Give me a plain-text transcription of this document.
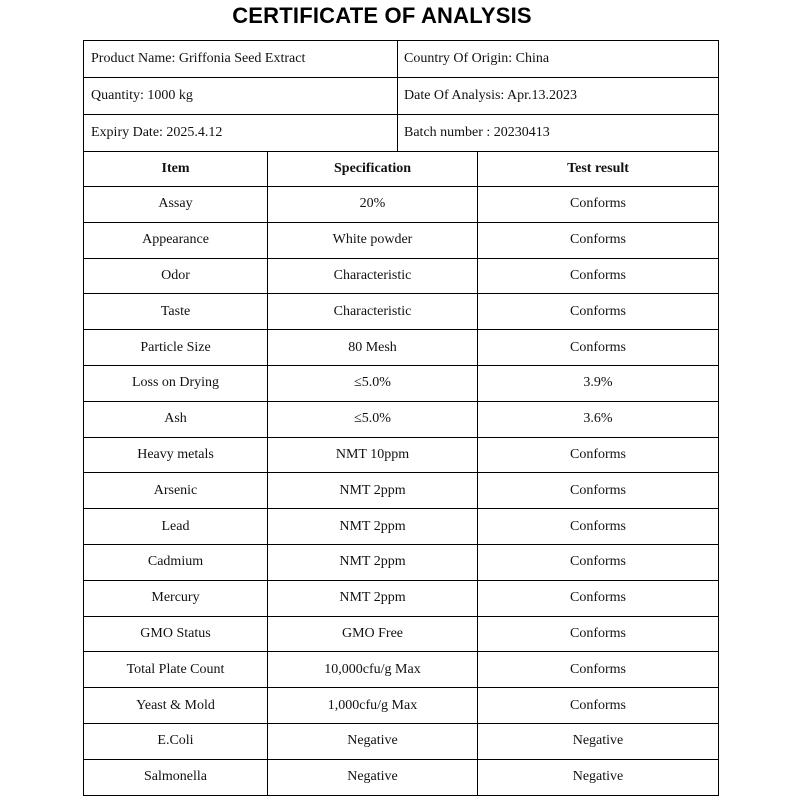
CERTIFICATE OF ANALYSIS
Product Name: Griffonia Seed Extract		Country Of Origin: China	
Quantity: 1000 kg		Date Of Analysis: Apr.13.2023	
Expiry Date: 2025.4.12		Batch number : 20230413	
Item	Specification		Test result
Assay	20%		Conforms
Appearance	White powder		Conforms
Odor	Characteristic		Conforms
Taste	Characteristic		Conforms
Particle Size	80 Mesh		Conforms
Loss on Drying	≤5.0%		3.9%
Ash	≤5.0%		3.6%
Heavy metals	NMT 10ppm		Conforms
Arsenic	NMT 2ppm		Conforms
Lead	NMT 2ppm		Conforms
Cadmium	NMT 2ppm		Conforms
Mercury	NMT 2ppm		Conforms
GMO Status	GMO Free		Conforms
Total Plate Count	10,000cfu/g Max		Conforms
Yeast & Mold	1,000cfu/g Max		Conforms
E.Coli	Negative		Negative
Salmonella	Negative		Negative
